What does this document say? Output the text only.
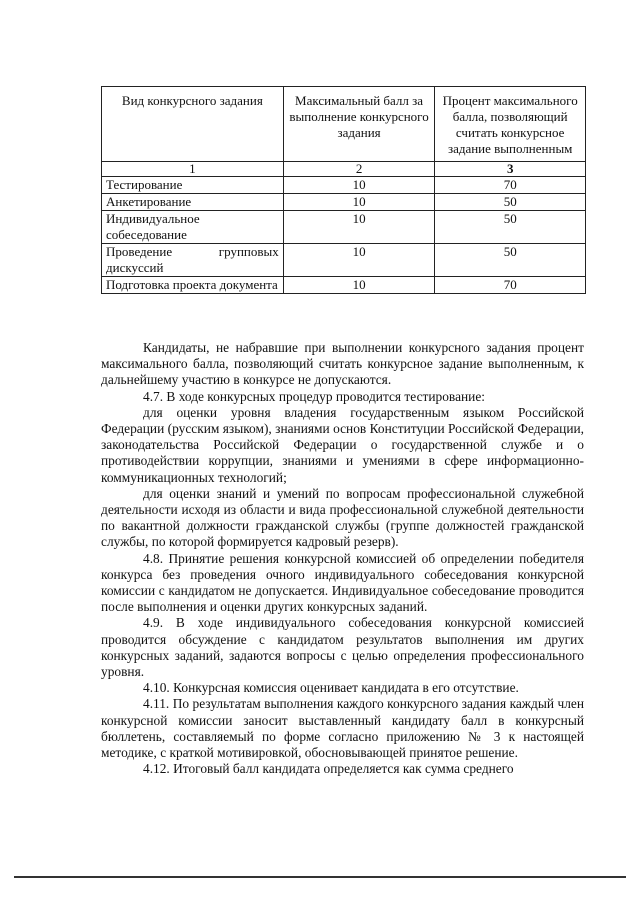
Вид конкурсного задания	Максимальный балл за выполнение конкурсного задания	Процент максимального балла, позволяющий считать конкурсное задание выполненным
1	2	3
Тестирование	10	70
Анкетирование	10	50
Индивидуальное собеседование	10	50
Проведение групповых дискуссий	10	50
Подготовка проекта документа	10	70

Кандидаты, не набравшие при выполнении конкурсного задания процент максимального балла, позволяющий считать конкурсное задание выполненным, к дальнейшему участию в конкурсе не допускаются.

4.7. В ходе конкурсных процедур проводится тестирование:

для оценки уровня владения государственным языком Российской Федерации (русским языком), знаниями основ Конституции Российской Федерации, законодательства Российской Федерации о государственной службе и о противодействии коррупции, знаниями и умениями в сфере информационно-коммуникационных технологий;

для оценки знаний и умений по вопросам профессиональной служебной деятельности исходя из области и вида профессиональной служебной деятельности по вакантной должности гражданской службы (группе должностей гражданской службы, по которой формируется кадровый резерв).

4.8. Принятие решения конкурсной комиссией об определении победителя конкурса без проведения очного индивидуального собеседования конкурсной комиссии с кандидатом не допускается. Индивидуальное собеседование проводится после выполнения и оценки других конкурсных заданий.

4.9. В ходе индивидуального собеседования конкурсной комиссией проводится обсуждение с кандидатом результатов выполнения им других конкурсных заданий, задаются вопросы с целью определения профессионального уровня.

4.10. Конкурсная комиссия оценивает кандидата в его отсутствие.

4.11. По результатам выполнения каждого конкурсного задания каждый член конкурсной комиссии заносит выставленный кандидату балл в конкурсный бюллетень, составляемый по форме согласно приложению № 3 к настоящей методике, с краткой мотивировкой, обосновывающей принятое решение.

4.12. Итоговый балл кандидата определяется как сумма среднего
